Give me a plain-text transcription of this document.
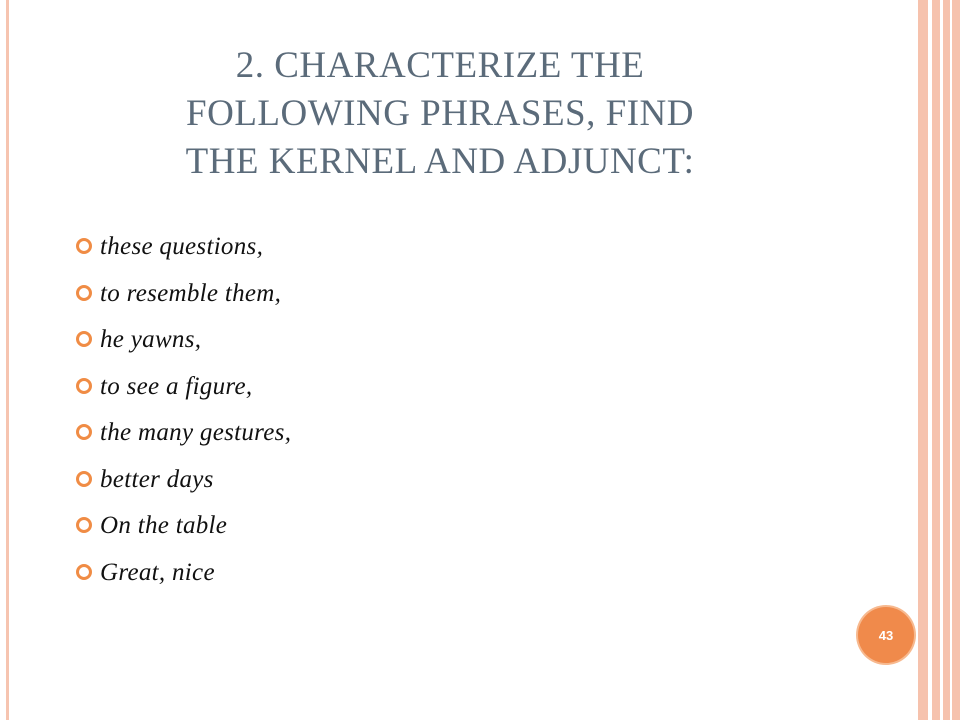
2. CHARACTERIZE THE
FOLLOWING PHRASES, FIND
THE KERNEL AND ADJUNCT:
these questions,
to resemble them,
he yawns,
to see a figure,
the many gestures,
better days
On the table
Great, nice
43
